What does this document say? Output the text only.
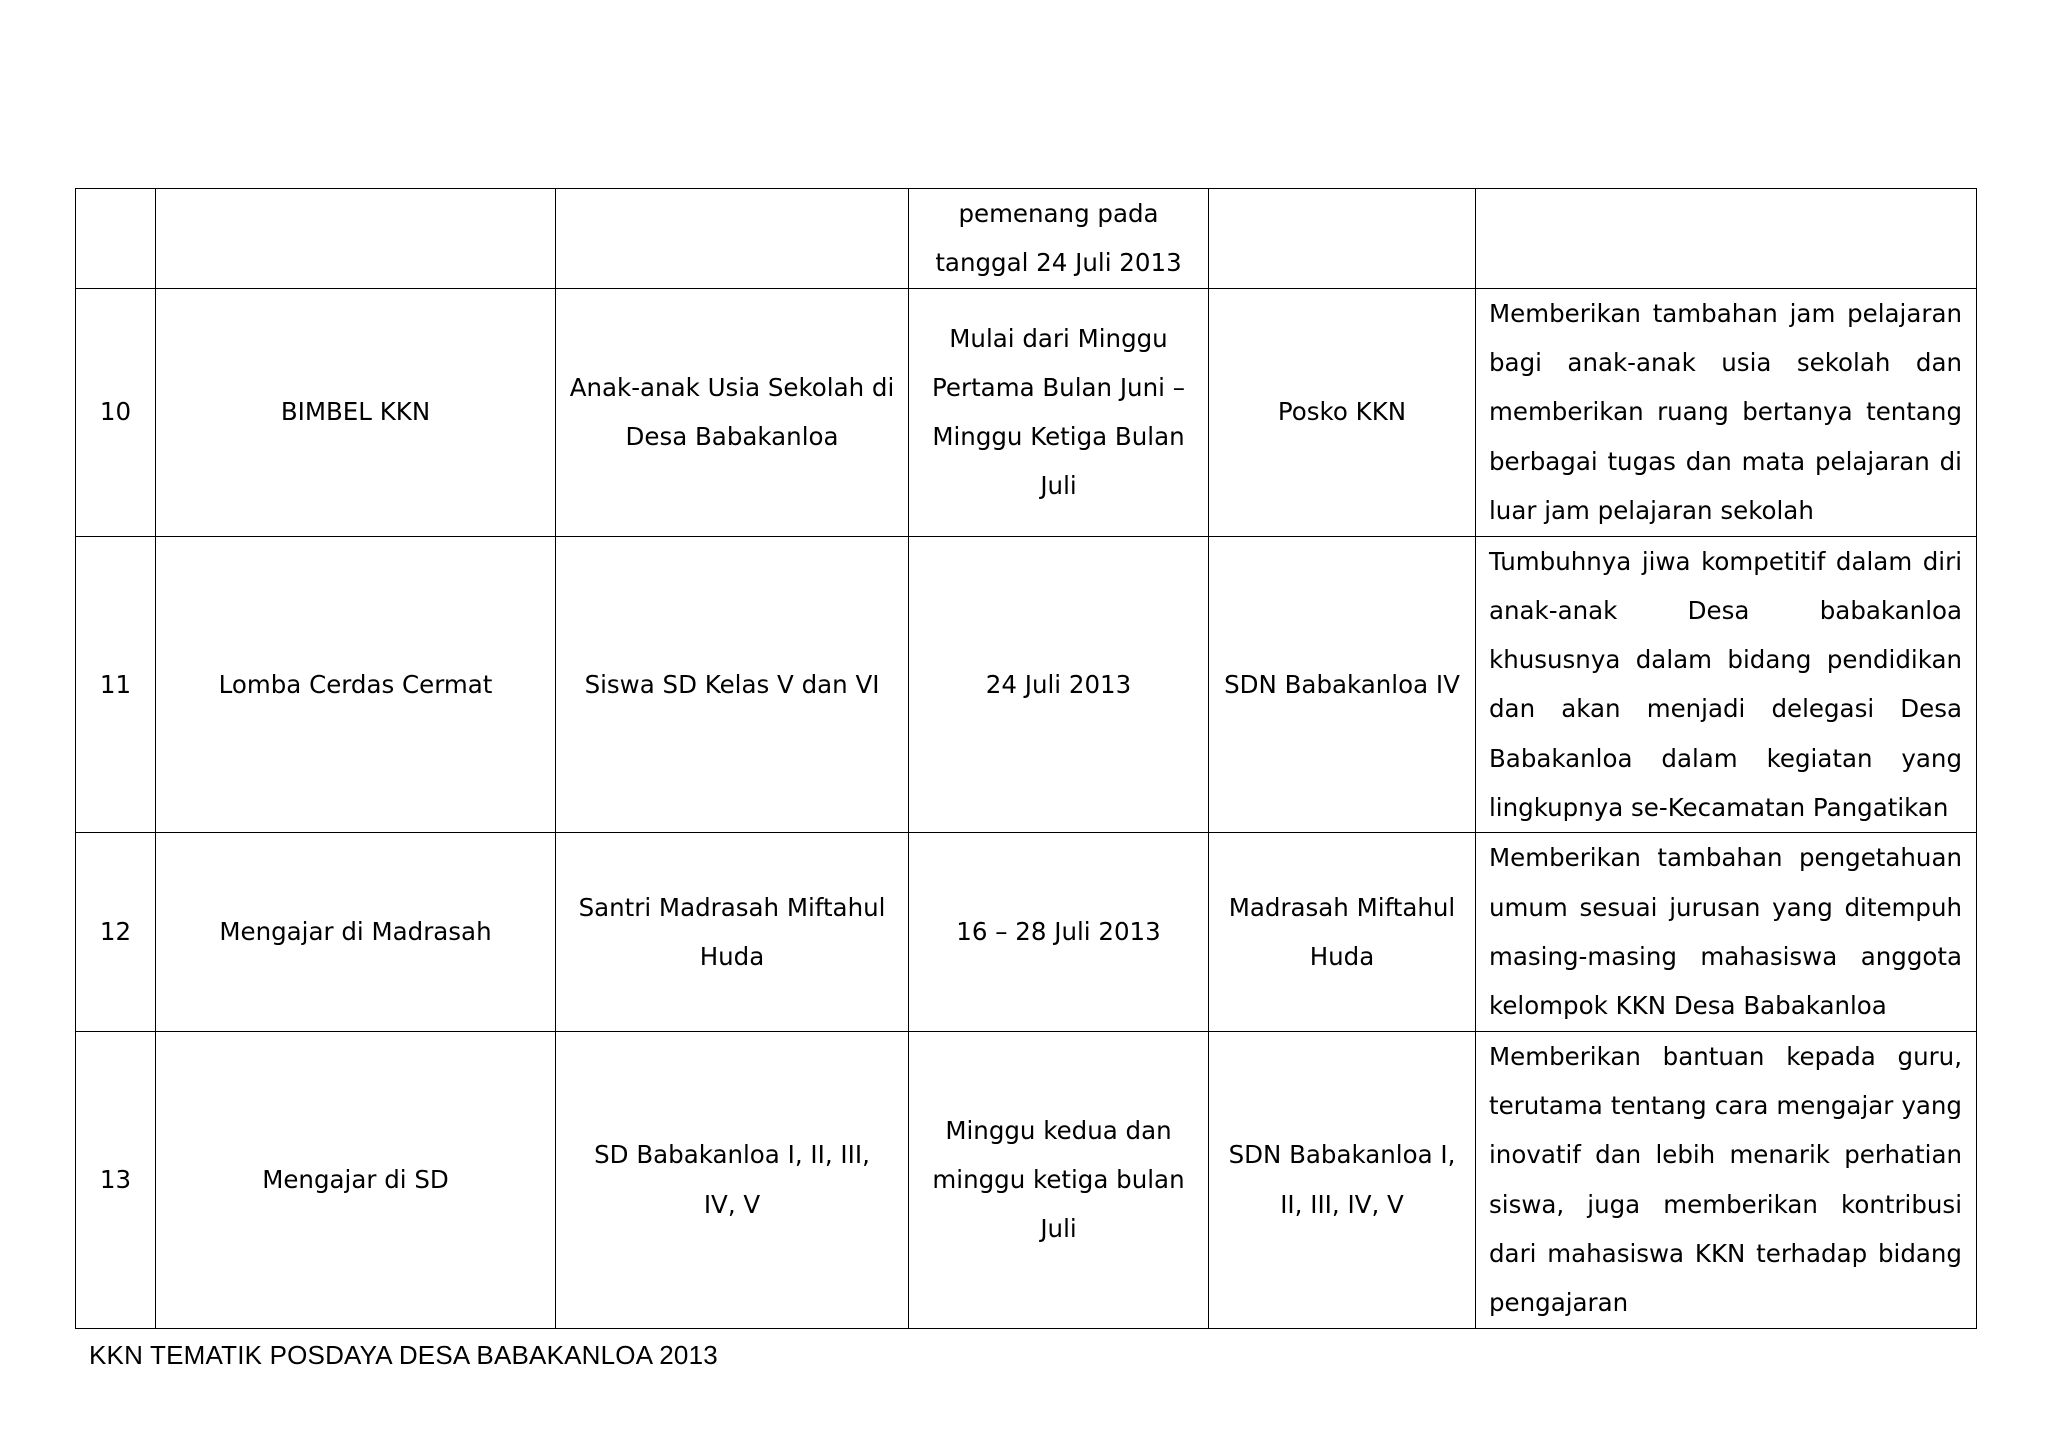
			pemenang pada tanggal 24 Juli 2013		
10	BIMBEL KKN	Anak-anak Usia Sekolah di Desa Babakanloa	Mulai dari Minggu Pertama Bulan Juni – Minggu Ketiga Bulan Juli	Posko KKN	Memberikan tambahan jam pelajaran bagi anak-anak usia sekolah dan memberikan ruang bertanya tentang berbagai tugas dan mata pelajaran di luar jam pelajaran sekolah
11	Lomba Cerdas Cermat	Siswa SD Kelas V dan VI	24 Juli 2013	SDN Babakanloa IV	Tumbuhnya jiwa kompetitif dalam diri anak-anak Desa babakanloa khususnya dalam bidang pendidikan dan akan menjadi delegasi Desa Babakanloa dalam kegiatan yang lingkupnya se-Kecamatan Pangatikan
12	Mengajar di Madrasah	Santri Madrasah Miftahul Huda	16 – 28 Juli 2013	Madrasah Miftahul Huda	Memberikan tambahan pengetahuan umum sesuai jurusan yang ditempuh masing-masing mahasiswa anggota kelompok KKN Desa Babakanloa
13	Mengajar di SD	SD Babakanloa I, II, III, IV, V	Minggu kedua dan minggu ketiga bulan Juli	SDN Babakanloa I, II, III, IV, V	Memberikan bantuan kepada guru, terutama tentang cara mengajar yang inovatif dan lebih menarik perhatian siswa, juga memberikan kontribusi dari mahasiswa KKN terhadap bidang pengajaran
KKN TEMATIK POSDAYA DESA BABAKANLOA 2013
